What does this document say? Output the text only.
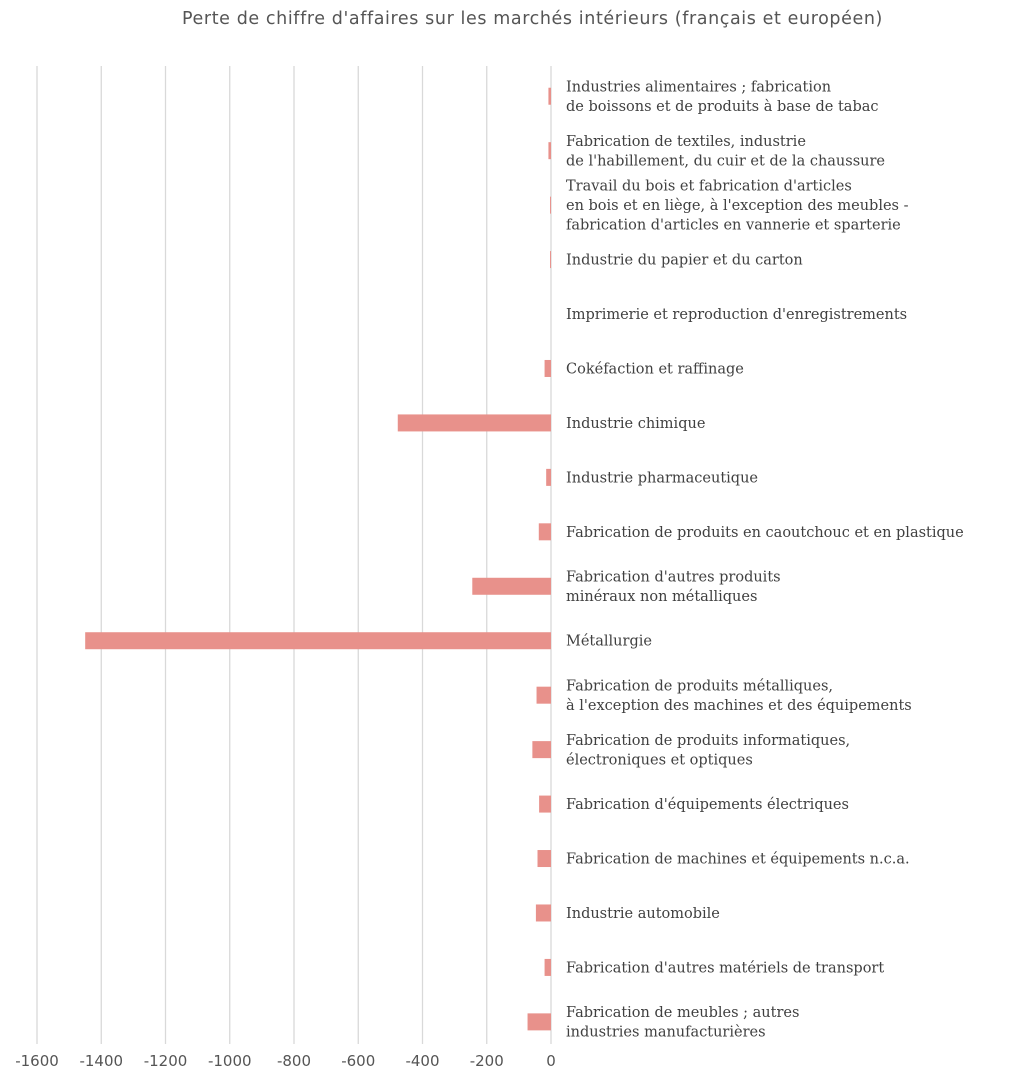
Perte de chiffre d'affaires sur les marchés intérieurs (français et européen)
-1600 -1400 -1200 -1000 -800 -600 -400 -200	0
Industries alimentaires ; fabrication de boissons et de produits à base de tabac
Fabrication de textiles, industrie de l'habillement, du cuir et de la chaussure
Travail du bois et fabrication d'articles en bois et en liège, à l'exception des meubles -fabrication d'articles en vannerie et sparterie
Industrie du papier et du carton
Imprimerie et reproduction d'enregistrements
Cokéfaction et raffinage
Industrie chimique
Industrie pharmaceutique
Fabrication de produits en caoutchouc et en plastique
Fabrication d'autres produits minéraux non métalliques
Métallurgie
Fabrication de produits métalliques, à l'exception des machines et des équipements
Fabrication de produits informatiques, électroniques et optiques
Fabrication d'équipements électriques
Fabrication de machines et équipements n.c.a.
Industrie automobile
Fabrication d'autres matériels de transport
Fabrication de meubles ; autres industries manufacturières
